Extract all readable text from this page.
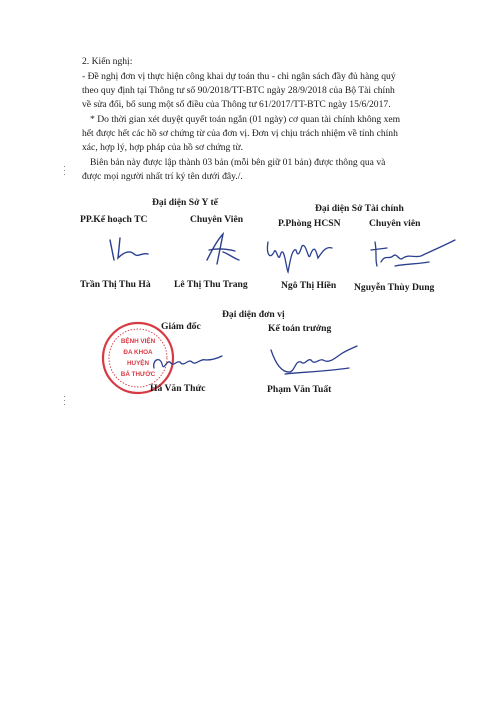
2. Kiến nghị:
- Đề nghị đơn vị thực hiện công khai dự toán thu - chi ngân sách đầy đủ hàng quý
theo quy định tại Thông tư số 90/2018/TT-BTC ngày 28/9/2018 của Bộ Tài chính
về sửa đổi, bổ sung một số điều của Thông tư 61/2017/TT-BTC ngày 15/6/2017.
* Do thời gian xét duyệt quyết toán ngắn (01 ngày) cơ quan tài chính không xem
hết được hết các hồ sơ chứng từ của đơn vị. Đơn vị chịu trách nhiệm về tính chính
xác, hợp lý, hợp pháp của hồ sơ chứng từ.
Biên bản này được lập thành 03 bản (mỗi bên giữ 01 bản) được thông qua và
được mọi người nhất trí ký tên dưới đây./.
Đại diện Sở Y tế
PP.Kế hoạch TC	Chuyên Viên
Đại diện Sở Tài chính
P.Phòng HCSN	Chuyên viên
Trần Thị Thu Hà Lê Thị Thu Trang	Ngô Thị Hiền Nguyễn Thùy Dung
Đại diện đơn vị
Giám đốc	Kế toán trưởng
BỆNH VIỆN
ĐA KHOA
HUYỆN
BÁ THƯỚC
Hà Văn Thức	Phạm Văn Tuất
